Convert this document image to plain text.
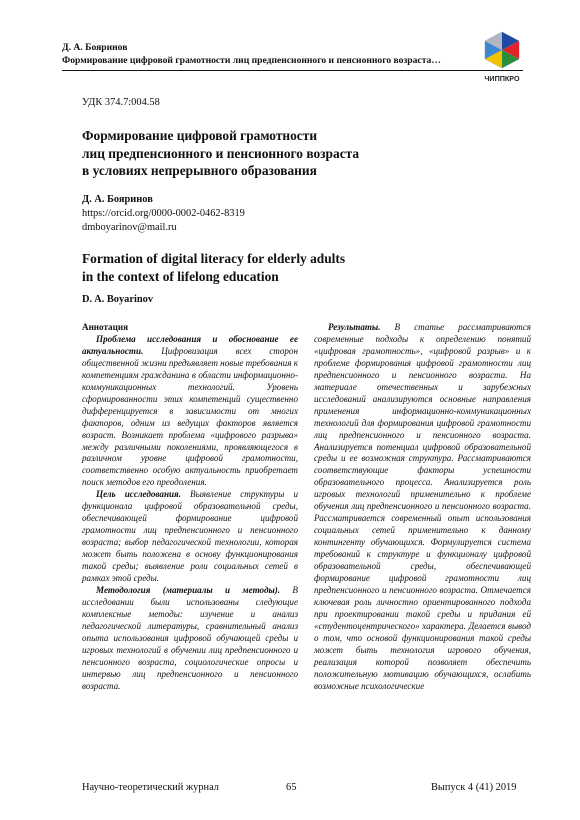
Д. А. Бояринов
Формирование цифровой грамотности лиц предпенсионного и пенсионного возраста…
ЧИППКРО
УДК 374.7:004.58
Формирование цифровой грамотности
лиц предпенсионного и пенсионного возраста
в условиях непрерывного образования
Д. А. Бояринов
https://orcid.org/0000-0002-0462-8319
dmboyarinov@mail.ru
Formation of digital literacy for elderly adults
in the context of lifelong education
D. A. Boyarinov

Аннотация

Проблема исследования и обоснование ее актуальности. Цифровизация всех сторон общественной жизни предъявляет новые требования к компетенциям гражданина в области информационно-коммуникационных технологий. Уровень сформированности этих компетенций существенно дифференцируется в зависимости от многих факторов, одним из ведущих факторов является возраст. Возникает проблема «цифрового разрыва» между различными поколениями, проявляющегося в различном уровне цифровой грамотности, соответственно особую актуальность приобретает поиск методов его преодоления.

Цель исследования. Выявление структуры и функционала цифровой образовательной среды, обеспечивающей формирование цифровой грамотности лиц предпенсионного и пенсионного возраста; выбор педагогической технологии, которая может быть положена в основу функционирования такой среды; выявление роли социальных сетей в рамках этой среды.

Методология (материалы и методы). В исследовании были использованы следующие комплексные методы: изучение и анализ педагогической литературы, сравнительный анализ опыта использования цифровой обучающей среды и игровых технологий в обучении лиц предпенсионного и пенсионного возраста, социологические опросы и интервью лиц предпенсионного и пенсионного возраста.

Результаты. В статье рассматриваются современные подходы к определению понятий «цифровая грамотность», «цифровой разрыв» и к проблеме формирования цифровой грамотности лиц предпенсионного и пенсионного возраста. На материале отечественных и зарубежных исследований анализируются основные направления применения информационно-коммуникационных технологий для формирования цифровой грамотности лиц предпенсионного и пенсионного возраста. Анализируется потенциал цифровой образовательной среды и ее возможная структура. Рассматриваются соответствующие факторы успешности образовательного процесса. Анализируется роль игровых технологий применительно к проблеме обучения лиц предпенсионного и пенсионного возраста. Рассматривается современный опыт использования социальных сетей применительно к данному контингенту обучающихся. Формулируется система требований к структуре и функционалу цифровой образовательной среды, обеспечивающей формирование цифровой грамотности лиц предпенсионного и пенсионного возраста. Отмечается ключевая роль личностно ориентированного подхода при проектировании такой среды и придания ей «студентоцентрического» характера. Делается вывод о том, что основой функционирования такой среды может быть технология игрового обучения, реализация которой позволяет обеспечить положительную мотивацию обучающихся, ослабить возможные психологические

Научно-теоретический журнал	65	Выпуск 4 (41) 2019
